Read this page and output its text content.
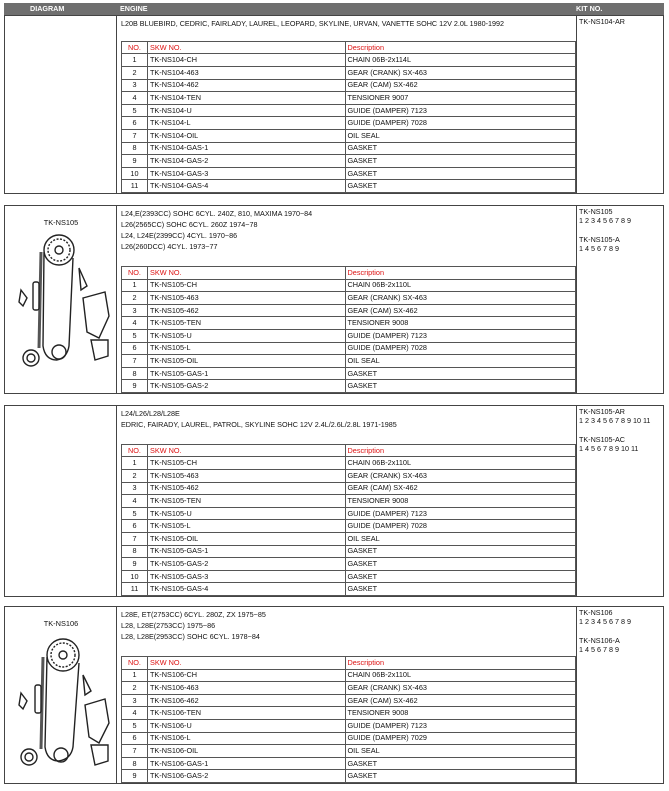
DIAGRAM	ENGINE	KIT NO.
L20B BLUEBIRD, CEDRIC, FAIRLADY, LAUREL, LEOPARD, SKYLINE, URVAN, VANETTE SOHC 12V 2.0L 1980-1992
NO.	SKW NO.	Description
1	TK-NS104-CH	CHAIN 06B-2x114L
2	TK-NS104-463	GEAR (CRANK) SX-463
3	TK-NS104-462	GEAR (CAM) SX-462
4	TK-NS104-TEN	TENSIONER 9007
5	TK-NS104-U	GUIDE (DAMPER) 7123
6	TK-NS104-L	GUIDE (DAMPER) 7028
7	TK-NS104-OIL	OIL SEAL
8	TK-NS104-GAS-1	GASKET
9	TK-NS104-GAS-2	GASKET
10	TK-NS104-GAS-3	GASKET
11	TK-NS104-GAS-4	GASKET
TK-NS104-AR
TK-NS105
L24,E(2393CC) SOHC 6CYL. 240Z, 810, MAXIMA 1970~84
L26(2565CC) SOHC 6CYL. 260Z 1974~78
L24, L24E(2399CC) 4CYL. 1970~86
L26(260DCC) 4CYL. 1973~77
NO.	SKW NO.	Description
1	TK-NS105-CH	CHAIN 06B-2x110L
2	TK-NS105-463	GEAR (CRANK) SX-463
3	TK-NS105-462	GEAR (CAM) SX-462
4	TK-NS105-TEN	TENSIONER 9008
5	TK-NS105-U	GUIDE (DAMPER) 7123
6	TK-NS105-L	GUIDE (DAMPER) 7028
7	TK-NS105-OIL	OIL SEAL
8	TK-NS105-GAS-1	GASKET
9	TK-NS105-GAS-2	GASKET
TK-NS105
1 2 3 4 5 6 7 8 9
TK-NS105-A
1 4 5 6 7 8 9
L24/L26/L28/L28E
EDRIC, FAIRADY, LAUREL, PATROL, SKYLINE SOHC 12V 2.4L/2.6L/2.8L 1971-1985
NO.	SKW NO.	Description
1	TK-NS105-CH	CHAIN 06B-2x110L
2	TK-NS105-463	GEAR (CRANK) SX-463
3	TK-NS105-462	GEAR (CAM) SX-462
4	TK-NS105-TEN	TENSIONER 9008
5	TK-NS105-U	GUIDE (DAMPER) 7123
6	TK-NS105-L	GUIDE (DAMPER) 7028
7	TK-NS105-OIL	OIL SEAL
8	TK-NS105-GAS-1	GASKET
9	TK-NS105-GAS-2	GASKET
10	TK-NS105-GAS-3	GASKET
11	TK-NS105-GAS-4	GASKET
TK-NS105-AR
1 2 3 4 5 6 7 8 9 10 11
TK-NS105-AC
1 4 5 6 7 8 9 10 11
TK-NS106
L28E, ET(2753CC) 6CYL. 280Z, ZX 1975~85
L28, L28E(2753CC) 1975~86
L28, L28E(2953CC) SOHC 6CYL. 1978~84
NO.	SKW NO.	Description
1	TK-NS106-CH	CHAIN 06B-2x110L
2	TK-NS106-463	GEAR (CRANK) SX-463
3	TK-NS106-462	GEAR (CAM) SX-462
4	TK-NS106-TEN	TENSIONER 9008
5	TK-NS106-U	GUIDE (DAMPER) 7123
6	TK-NS106-L	GUIDE (DAMPER) 7029
7	TK-NS106-OIL	OIL SEAL
8	TK-NS106-GAS-1	GASKET
9	TK-NS106-GAS-2	GASKET
TK-NS106
1 2 3 4 5 6 7 8 9
TK-NS106-A
1 4 5 6 7 8 9
